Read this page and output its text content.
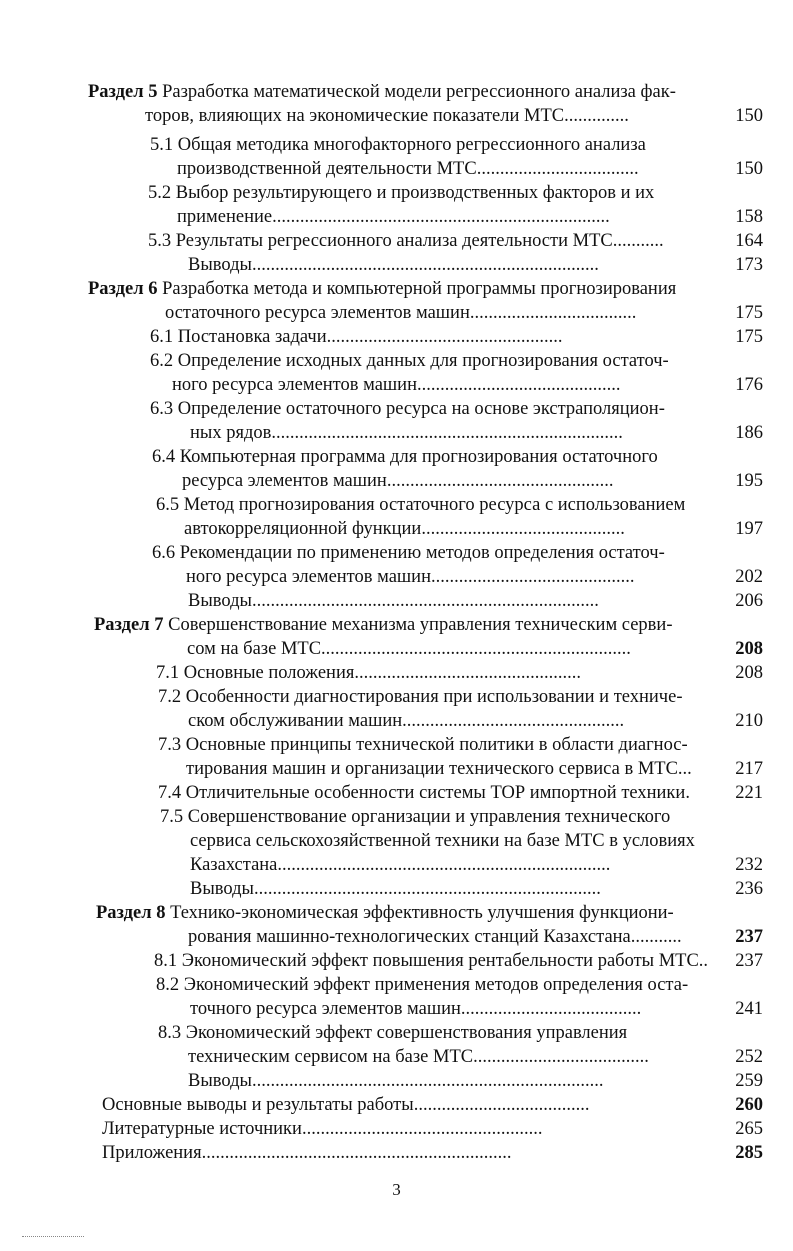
Раздел 5 Разработка математической модели регрессионного анализа фак-
торов, влияющих на экономические показатели МТС..............	150
5.1 Общая методика многофакторного регрессионного анализа
производственной деятельности МТС...................................	150
5.2 Выбор результирующего и производственных факторов и их
применение.........................................................................	158
5.3 Результаты регрессионного анализа деятельности МТС...........	164
Выводы...........................................................................	173
Раздел 6 Разработка метода и компьютерной программы прогнозирования
остаточного ресурса элементов машин....................................	175
6.1 Постановка задачи...................................................	175
6.2 Определение исходных данных для прогнозирования остаточ-
ного ресурса элементов машин............................................	176
6.3 Определение остаточного ресурса на основе экстраполяцион-
ных рядов............................................................................	186
6.4 Компьютерная программа для прогнозирования остаточного
ресурса элементов машин.................................................	195
6.5 Метод прогнозирования остаточного ресурса с использованием
автокорреляционной функции............................................	197
6.6 Рекомендации по применению методов определения остаточ-
ного ресурса элементов машин............................................	202
Выводы...........................................................................	206
Раздел 7 Совершенствование механизма управления техническим серви-
сом на базе МТС...................................................................	208
7.1 Основные положения.................................................	208
7.2 Особенности диагностирования при использовании и техниче-
ском обслуживании машин................................................	210
7.3 Основные принципы технической политики в области диагнос-
тирования машин и организации технического сервиса в МТС... 217
7.4 Отличительные особенности системы ТОР импортной техники. 221
7.5 Совершенствование организации и управления технического
сервиса сельскохозяйственной техники на базе МТС в условиях
Казахстана........................................................................	232
Выводы...........................................................................	236
Раздел 8 Технико-экономическая эффективность улучшения функциони-
рования машинно-технологических станций Казахстана...........	237
8.1 Экономический эффект повышения рентабельности работы МТС.. 237
8.2 Экономический эффект применения методов определения оста-
точного ресурса элементов машин.......................................	241
8.3 Экономический эффект совершенствования управления
техническим сервисом на базе МТС......................................	252
Выводы............................................................................	259
Основные выводы и результаты работы......................................	260
Литературные источники....................................................	265
Приложения...................................................................	285
3
